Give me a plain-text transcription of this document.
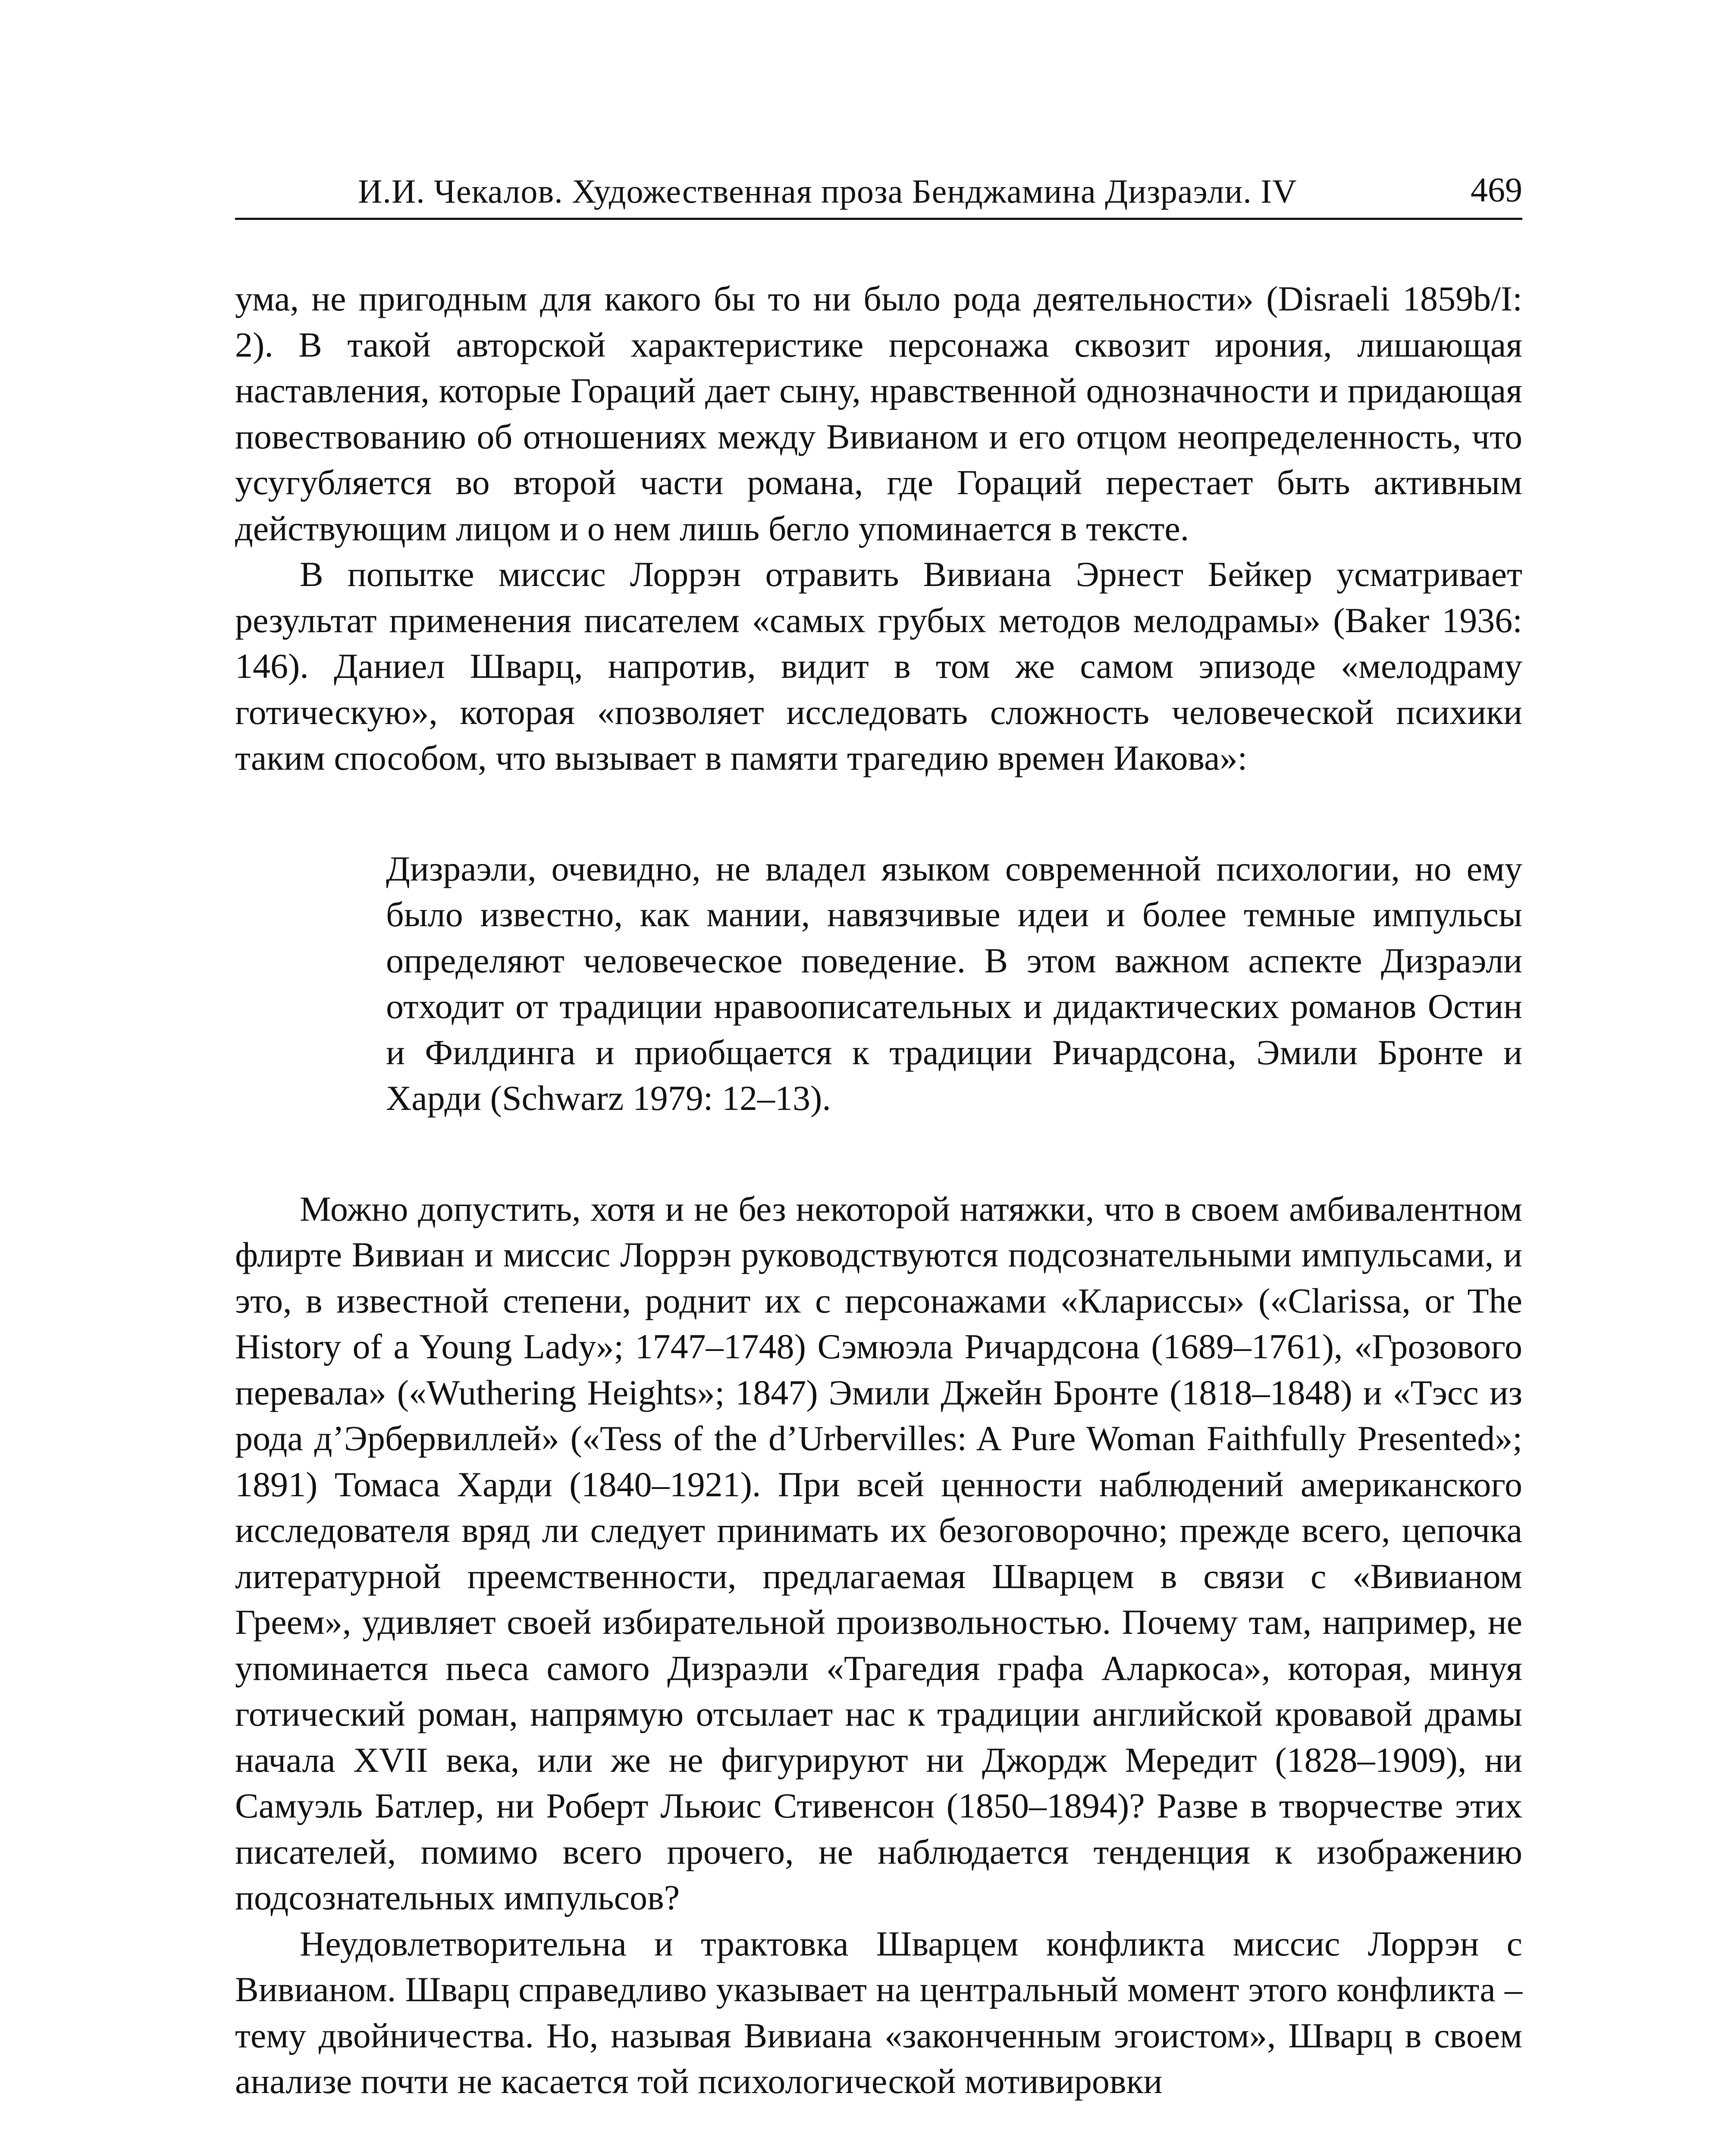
И.И. Чекалов. Художественная проза Бенджамина Дизраэли. IV	469

ума, не пригодным для какого бы то ни было рода деятельности» (Disraeli 1859b/I: 2). В такой авторской характеристике персонажа сквозит ирония, лишающая наставления, которые Гораций дает сыну, нравственной однозначности и придающая повествованию об отношениях между Вивианом и его отцом неопределенность, что усугубляется во второй части романа, где Гораций перестает быть активным действующим лицом и о нем лишь бегло упоминается в тексте.

В попытке миссис Лоррэн отравить Вивиана Эрнест Бейкер усматривает результат применения писателем «самых грубых методов мелодрамы» (Baker 1936: 146). Даниел Шварц, напротив, видит в том же самом эпизоде «мелодраму готическую», которая «позволяет исследовать сложность человеческой психики таким способом, что вызывает в памяти трагедию времен Иакова»:

Дизраэли, очевидно, не владел языком современной психологии, но ему было известно, как мании, навязчивые идеи и более темные импульсы определяют человеческое поведение. В этом важном аспекте Дизраэли отходит от традиции нравоописательных и дидактических романов Остин и Филдинга и приобщается к традиции Ричардсона, Эмили Бронте и Харди (Schwarz 1979: 12–13).

Можно допустить, хотя и не без некоторой натяжки, что в своем амбивалентном флирте Вивиан и миссис Лоррэн руководствуются подсознательными импульсами, и это, в известной степени, роднит их с персонажами «Клариссы» («Clarissa, or The History of a Young Lady»; 1747–1748) Сэмюэла Ричардсона (1689–1761), «Грозового перевала» («Wuthering Heights»; 1847) Эмили Джейн Бронте (1818–1848) и «Тэсс из рода д’Эрбервиллей» («Tess of the d’Urbervilles: A Pure Woman Faithfully Presented»; 1891) Томаса Харди (1840–1921). При всей ценности наблюдений американского исследователя вряд ли следует принимать их безоговорочно; прежде всего, цепочка литературной преемственности, предлагаемая Шварцем в связи с «Вивианом Греем», удивляет своей избирательной произвольностью. Почему там, например, не упоминается пьеса самого Дизраэли «Трагедия графа Аларкоса», которая, минуя готический роман, напрямую отсылает нас к традиции английской кровавой драмы начала XVII века, или же не фигурируют ни Джордж Мередит (1828–1909), ни Самуэль Батлер, ни Роберт Льюис Стивенсон (1850–1894)? Разве в творчестве этих писателей, помимо всего прочего, не наблюдается тенденция к изображению подсознательных импульсов?

Неудовлетворительна и трактовка Шварцем конфликта миссис Лоррэн с Вивианом. Шварц справедливо указывает на центральный момент этого конфликта – тему двойничества. Но, называя Вивиана «законченным эгоистом», Шварц в своем анализе почти не касается той психологической мотивировки
